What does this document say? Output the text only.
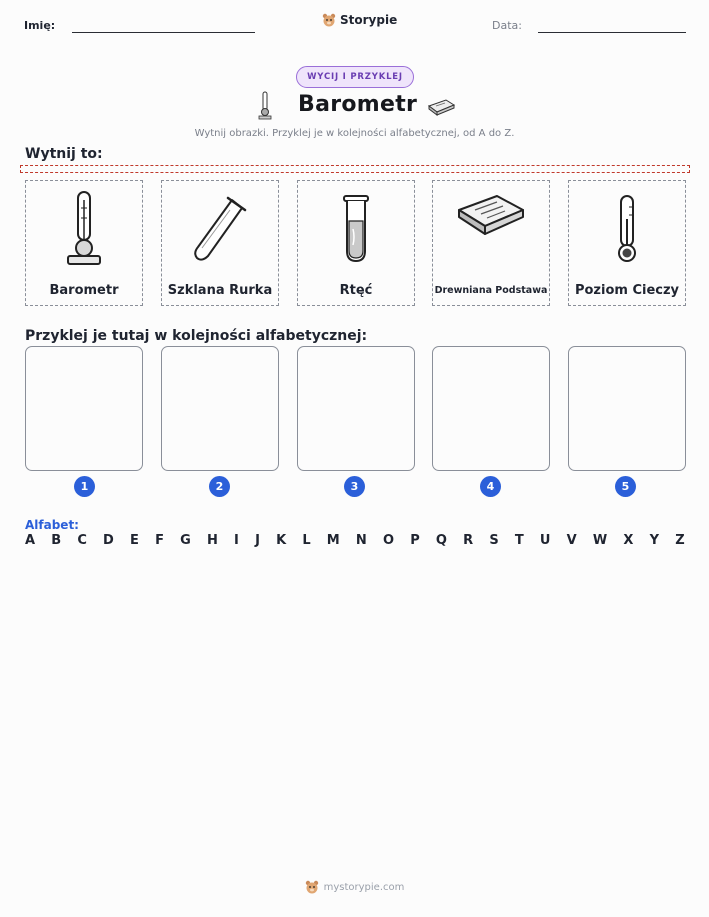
Imię:	Storypie	Data:
WYCIJ I PRZYKLEJ
Barometr
Wytnij obrazki. Przyklej je w kolejności alfabetycznej, od A do Z.
Wytnij to:
Barometr	Szklana Rurka	Rtęć	Drewniana Podstawa	Poziom Cieczy
Przyklej je tutaj w kolejności alfabetycznej:
1	2	3	4	5
Alfabet:
A B C D E F G H I J K L M N O P Q R S T U V W X Y Z
mystorypie.com
